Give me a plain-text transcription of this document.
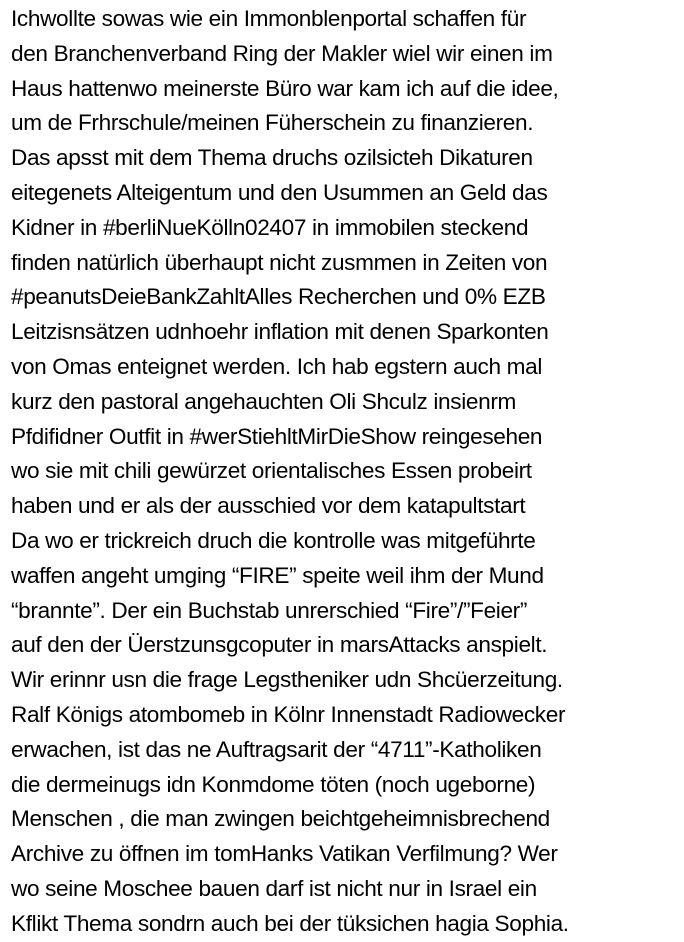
Ichwollte sowas wie ein Immonblenportal schaffen für
den Branchenverband Ring der Makler wiel wir einen im
Haus hattenwo meinerste Büro war kam ich auf die idee,
um de Frhrschule/meinen Füherschein zu finanzieren.
Das apsst mit dem Thema druchs ozilsicteh Dikaturen
eitegenets Alteigentum und den Usummen an Geld das
Kidner in #berliNueKölln02407 in immobilen steckend
finden natürlich überhaupt nicht zusmmen in Zeiten von
#peanutsDeieBankZahltAlles Recherchen und 0% EZB
Leitzisnsätzen udnhoehr inflation mit denen Sparkonten
von Omas enteignet werden. Ich hab egstern auch mal
kurz den pastoral angehauchten Oli Shculz insienrm
Pfdifidner Outfit in #werStiehltMirDieShow reingesehen
wo sie mit chili gewürzet orientalisches Essen probeirt
haben und er als der ausschied vor dem katapultstart
Da wo er trickreich druch die kontrolle was mitgeführte
waffen angeht umging “FIRE” speite weil ihm der Mund
“brannte”. Der ein Buchstab unrerschied “Fire”/”Feier”
auf den der Üerstzunsgcoputer in marsAttacks anspielt.
Wir erinnr usn die frage Legstheniker udn Shcüerzeitung.
Ralf Königs atombomeb in Kölnr Innenstadt Radiowecker
erwachen, ist das ne Auftragsarit der “4711”-Katholiken
die dermeinugs idn Konmdome töten (noch ugeborne)
Menschen , die man zwingen beichtgeheimnisbrechend
Archive zu öffnen im tomHanks Vatikan Verfilmung? Wer
wo seine Moschee bauen darf ist nicht nur in Israel ein
Kflikt Thema sondrn auch bei der tüksichen hagia Sophia.
